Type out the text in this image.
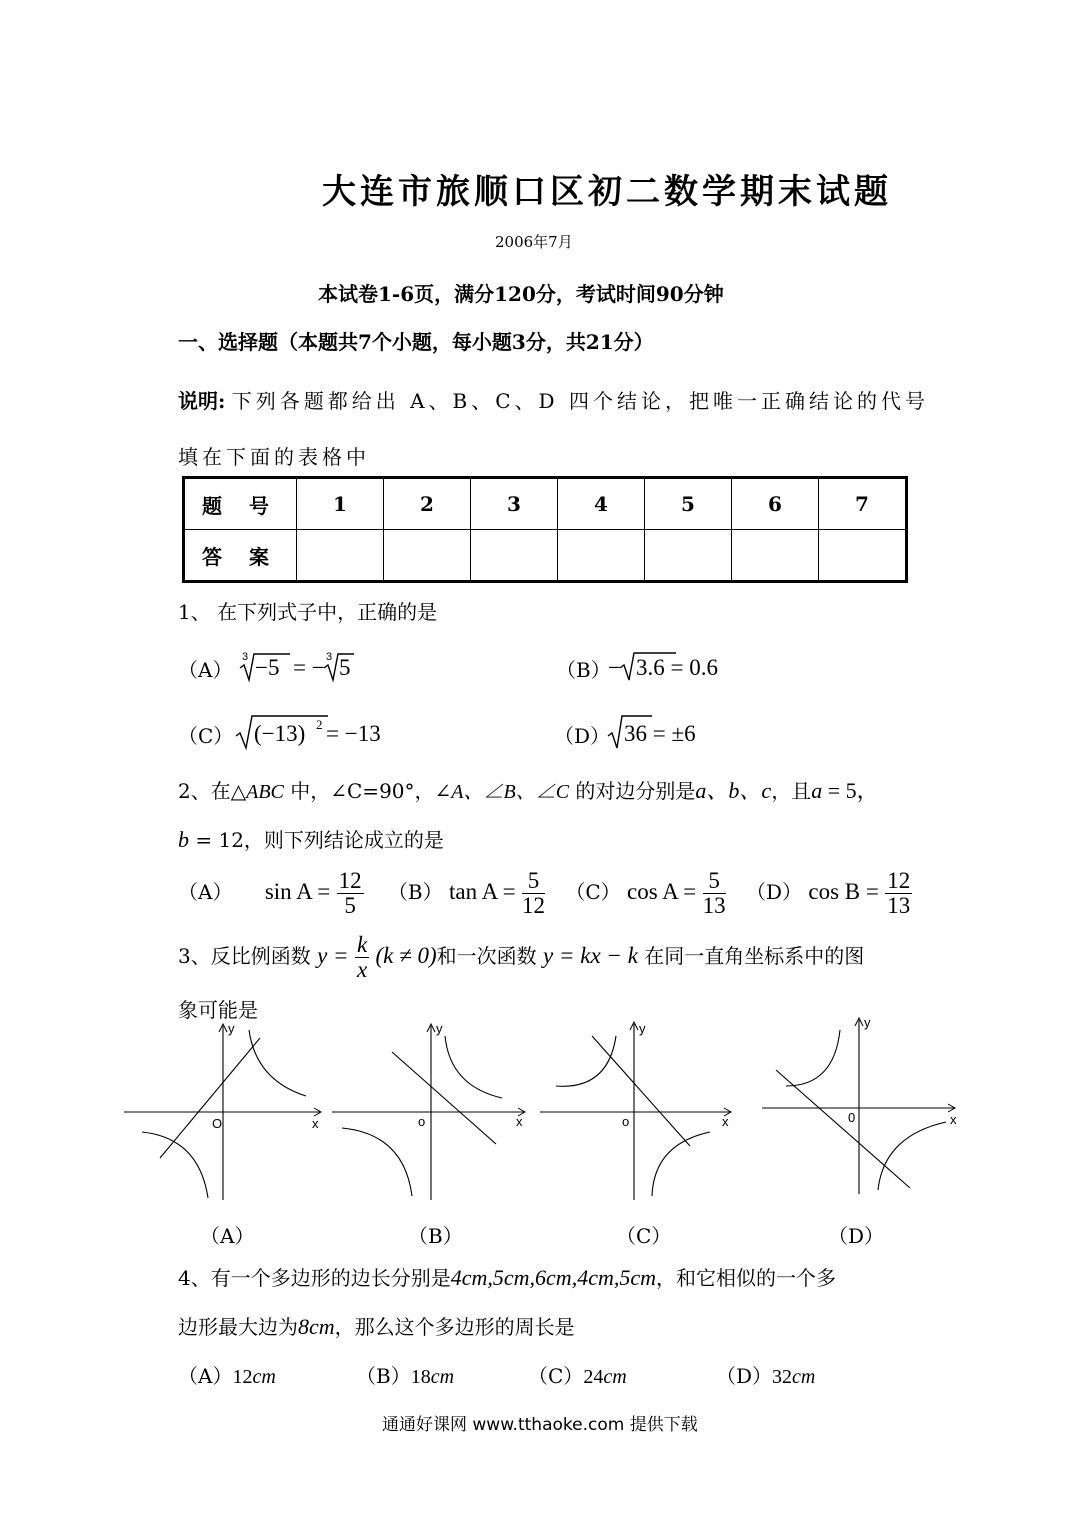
大连市旅顺口区初二数学期末试题
2006年7月
本试卷1-6页，满分120分，考试时间90分钟
一、选择题（本题共7个小题，每小题3分，共21分）
说明: 下列各题都给出 A、B、C、D 四个结论，把唯一正确结论的代号
填在下面的表格中
题 号	1	2	3	4	5	6	7
答 案							
1、 在下列式子中，正确的是
（A）
3 −5 = − 3 5	（B）
− 3.6 = 0.6
（C） (−13) 2 = −13	（D） 36 = ±6
2、在△ABC 中，∠C=90°，∠A、∠B、∠C 的对边分别是a、b、c，且a = 5，
b = 12，则下列结论成立的是
（A） $\sin A = \frac{12}{5} (B)$ $\tan A = \frac{5}{12} (C)$ $\cos A = \frac{5}{13} (D)$ $\cos B = \frac{12}{13}$
3、反比例函数 $y = \frac{k}{x} (k \ne 0)$和一次函数 y = kx − k 在同一直角坐标系中的图
象可能是
y
x
O
y
x
o
y
x
o
y
x
0
（A）	（B）	（C）	（D）
4、有一个多边形的边长分别是4cm,5cm,6cm,4cm,5cm，和它相似的一个多
边形最大边为8cm，那么这个多边形的周长是
（A）12cm	（B）18cm	（C）24cm	（D）32cm
通通好课网 www.tthaoke.com 提供下载
